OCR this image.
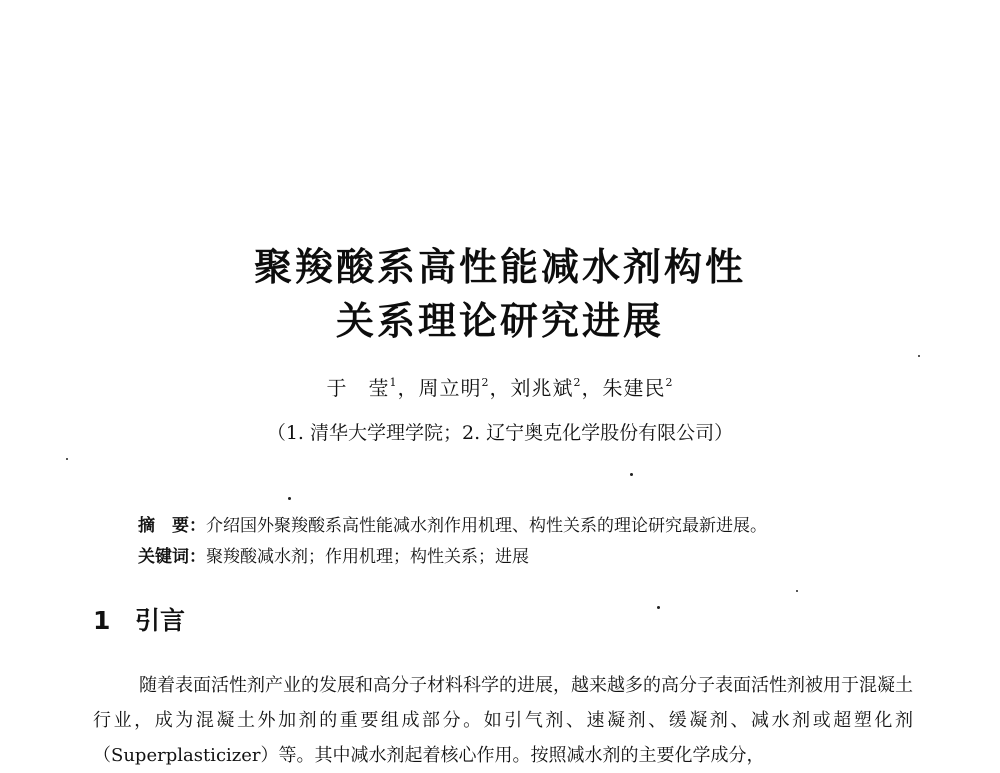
聚羧酸系高性能减水剂构性
关系理论研究进展
于　莹$^1$，周立明$^2$，刘兆斌$^2$，朱建民$^2$
（1. 清华大学理学院；2. 辽宁奥克化学股份有限公司）
摘　要：介绍国外聚羧酸系高性能减水剂作用机理、构性关系的理论研究最新进展。
关键词：聚羧酸减水剂；作用机理；构性关系；进展
1 引言
随着表面活性剂产业的发展和高分子材料科学的进展，越来越多的高分子表面活性剂被用于混凝土行业，成为混凝土外加剂的重要组成部分。如引气剂、速凝剂、缓凝剂、减水剂或超塑化剂（Superplasticizer）等。其中减水剂起着核心作用。按照减水剂的主要化学成分，
